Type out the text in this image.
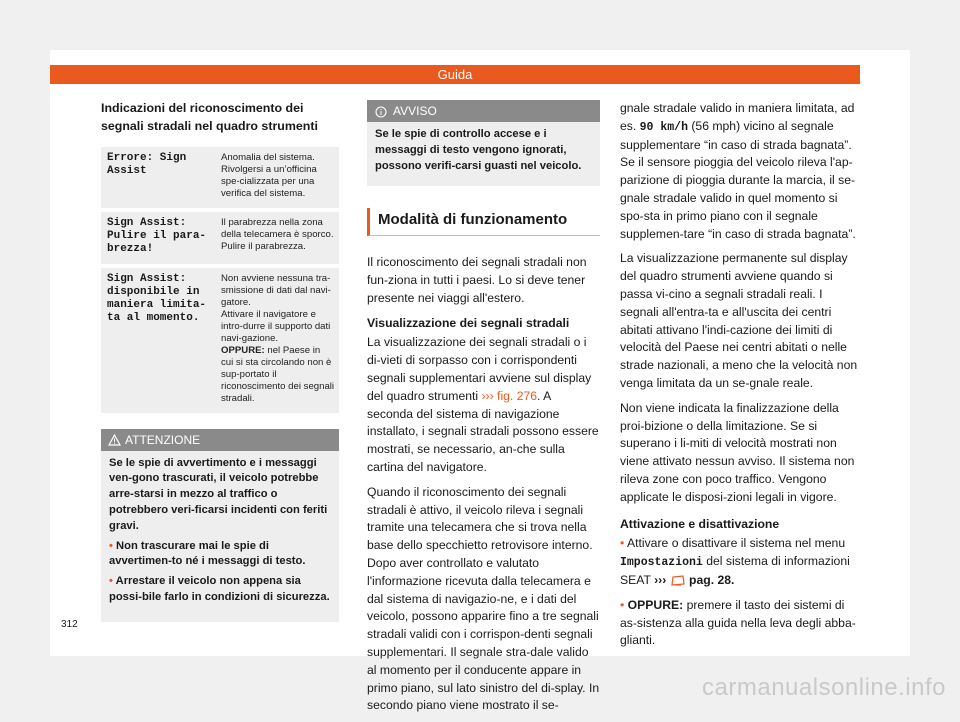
Guida
Indicazioni del riconoscimento dei segnali stradali nel quadro strumenti
Errore: Sign Assist	Anomalia del sistema. Rivolgersi a un’officina spe-cializzata per una verifica del sistema.
Sign Assist: Pulire il para-brezza!	Il parabrezza nella zona della telecamera è sporco. Pulire il parabrezza.
Sign Assist: disponibile in maniera limita-ta al momento.	Non avviene nessuna tra-smissione di dati dal navi-gatore.
Attivare il navigatore e intro-durre il supporto dati navi-gazione.
OPPURE: nel Paese in cui si sta circolando non è sup-portato il riconoscimento dei segnali stradali.
ATTENZIONE

Se le spie di avvertimento e i messaggi ven-gono trascurati, il veicolo potrebbe arre-starsi in mezzo al traffico o potrebbero veri-ficarsi incidenti con feriti gravi.

• Non trascurare mai le spie di avvertimen-to né i messaggi di testo.

• Arrestare il veicolo non appena sia possi-bile farlo in condizioni di sicurezza.

AVVISO
Se le spie di controllo accese e i messaggi di testo vengono ignorati, possono verifi-carsi guasti nel veicolo.
Modalità di funzionamento

Il riconoscimento dei segnali stradali non fun-ziona in tutti i paesi. Lo si deve tener presente nei viaggi all'estero.

Visualizzazione dei segnali stradali

La visualizzazione dei segnali stradali o i di-vieti di sorpasso con i corrispondenti segnali supplementari avviene sul display del quadro strumenti ››› fig. 276. A seconda del sistema di navigazione installato, i segnali stradali possono essere mostrati, se necessario, an-che sulla cartina del navigatore.

Quando il riconoscimento dei segnali stradali è attivo, il veicolo rileva i segnali tramite una telecamera che si trova nella base dello specchietto retrovisore interno. Dopo aver controllato e valutato l'informazione ricevuta dalla telecamera e dal sistema di navigazio-ne, e i dati del veicolo, possono apparire fino a tre segnali stradali validi con i corrispon-denti segnali supplementari. Il segnale stra-dale valido al momento per il conducente appare in primo piano, sul lato sinistro del di-splay. In secondo piano viene mostrato il se-

gnale stradale valido in maniera limitata, ad es. 90 km/h (56 mph) vicino al segnale supplementare “in caso di strada bagnata”. Se il sensore pioggia del veicolo rileva l'ap-parizione di pioggia durante la marcia, il se-gnale stradale valido in quel momento si spo-sta in primo piano con il segnale supplemen-tare “in caso di strada bagnata”.

La visualizzazione permanente sul display del quadro strumenti avviene quando si passa vi-cino a segnali stradali reali. I segnali all'entra-ta e all'uscita dei centri abitati attivano l'indi-cazione dei limiti di velocità del Paese nei centri abitati o nelle strade nazionali, a meno che la velocità non venga limitata da un se-gnale reale.

Non viene indicata la finalizzazione della proi-bizione o della limitazione. Se si superano i li-miti di velocità mostrati non viene attivato nessun avviso. Il sistema non rileva zone con poco traffico. Vengono applicate le disposi-zioni legali in vigore.

Attivazione e disattivazione

• Attivare o disattivare il sistema nel menu Impostazioni del sistema di informazioni SEAT ›››  pag. 28.

• OPPURE: premere il tasto dei sistemi di as-sistenza alla guida nella leva degli abba-glianti.

312
carmanualsonline.info
